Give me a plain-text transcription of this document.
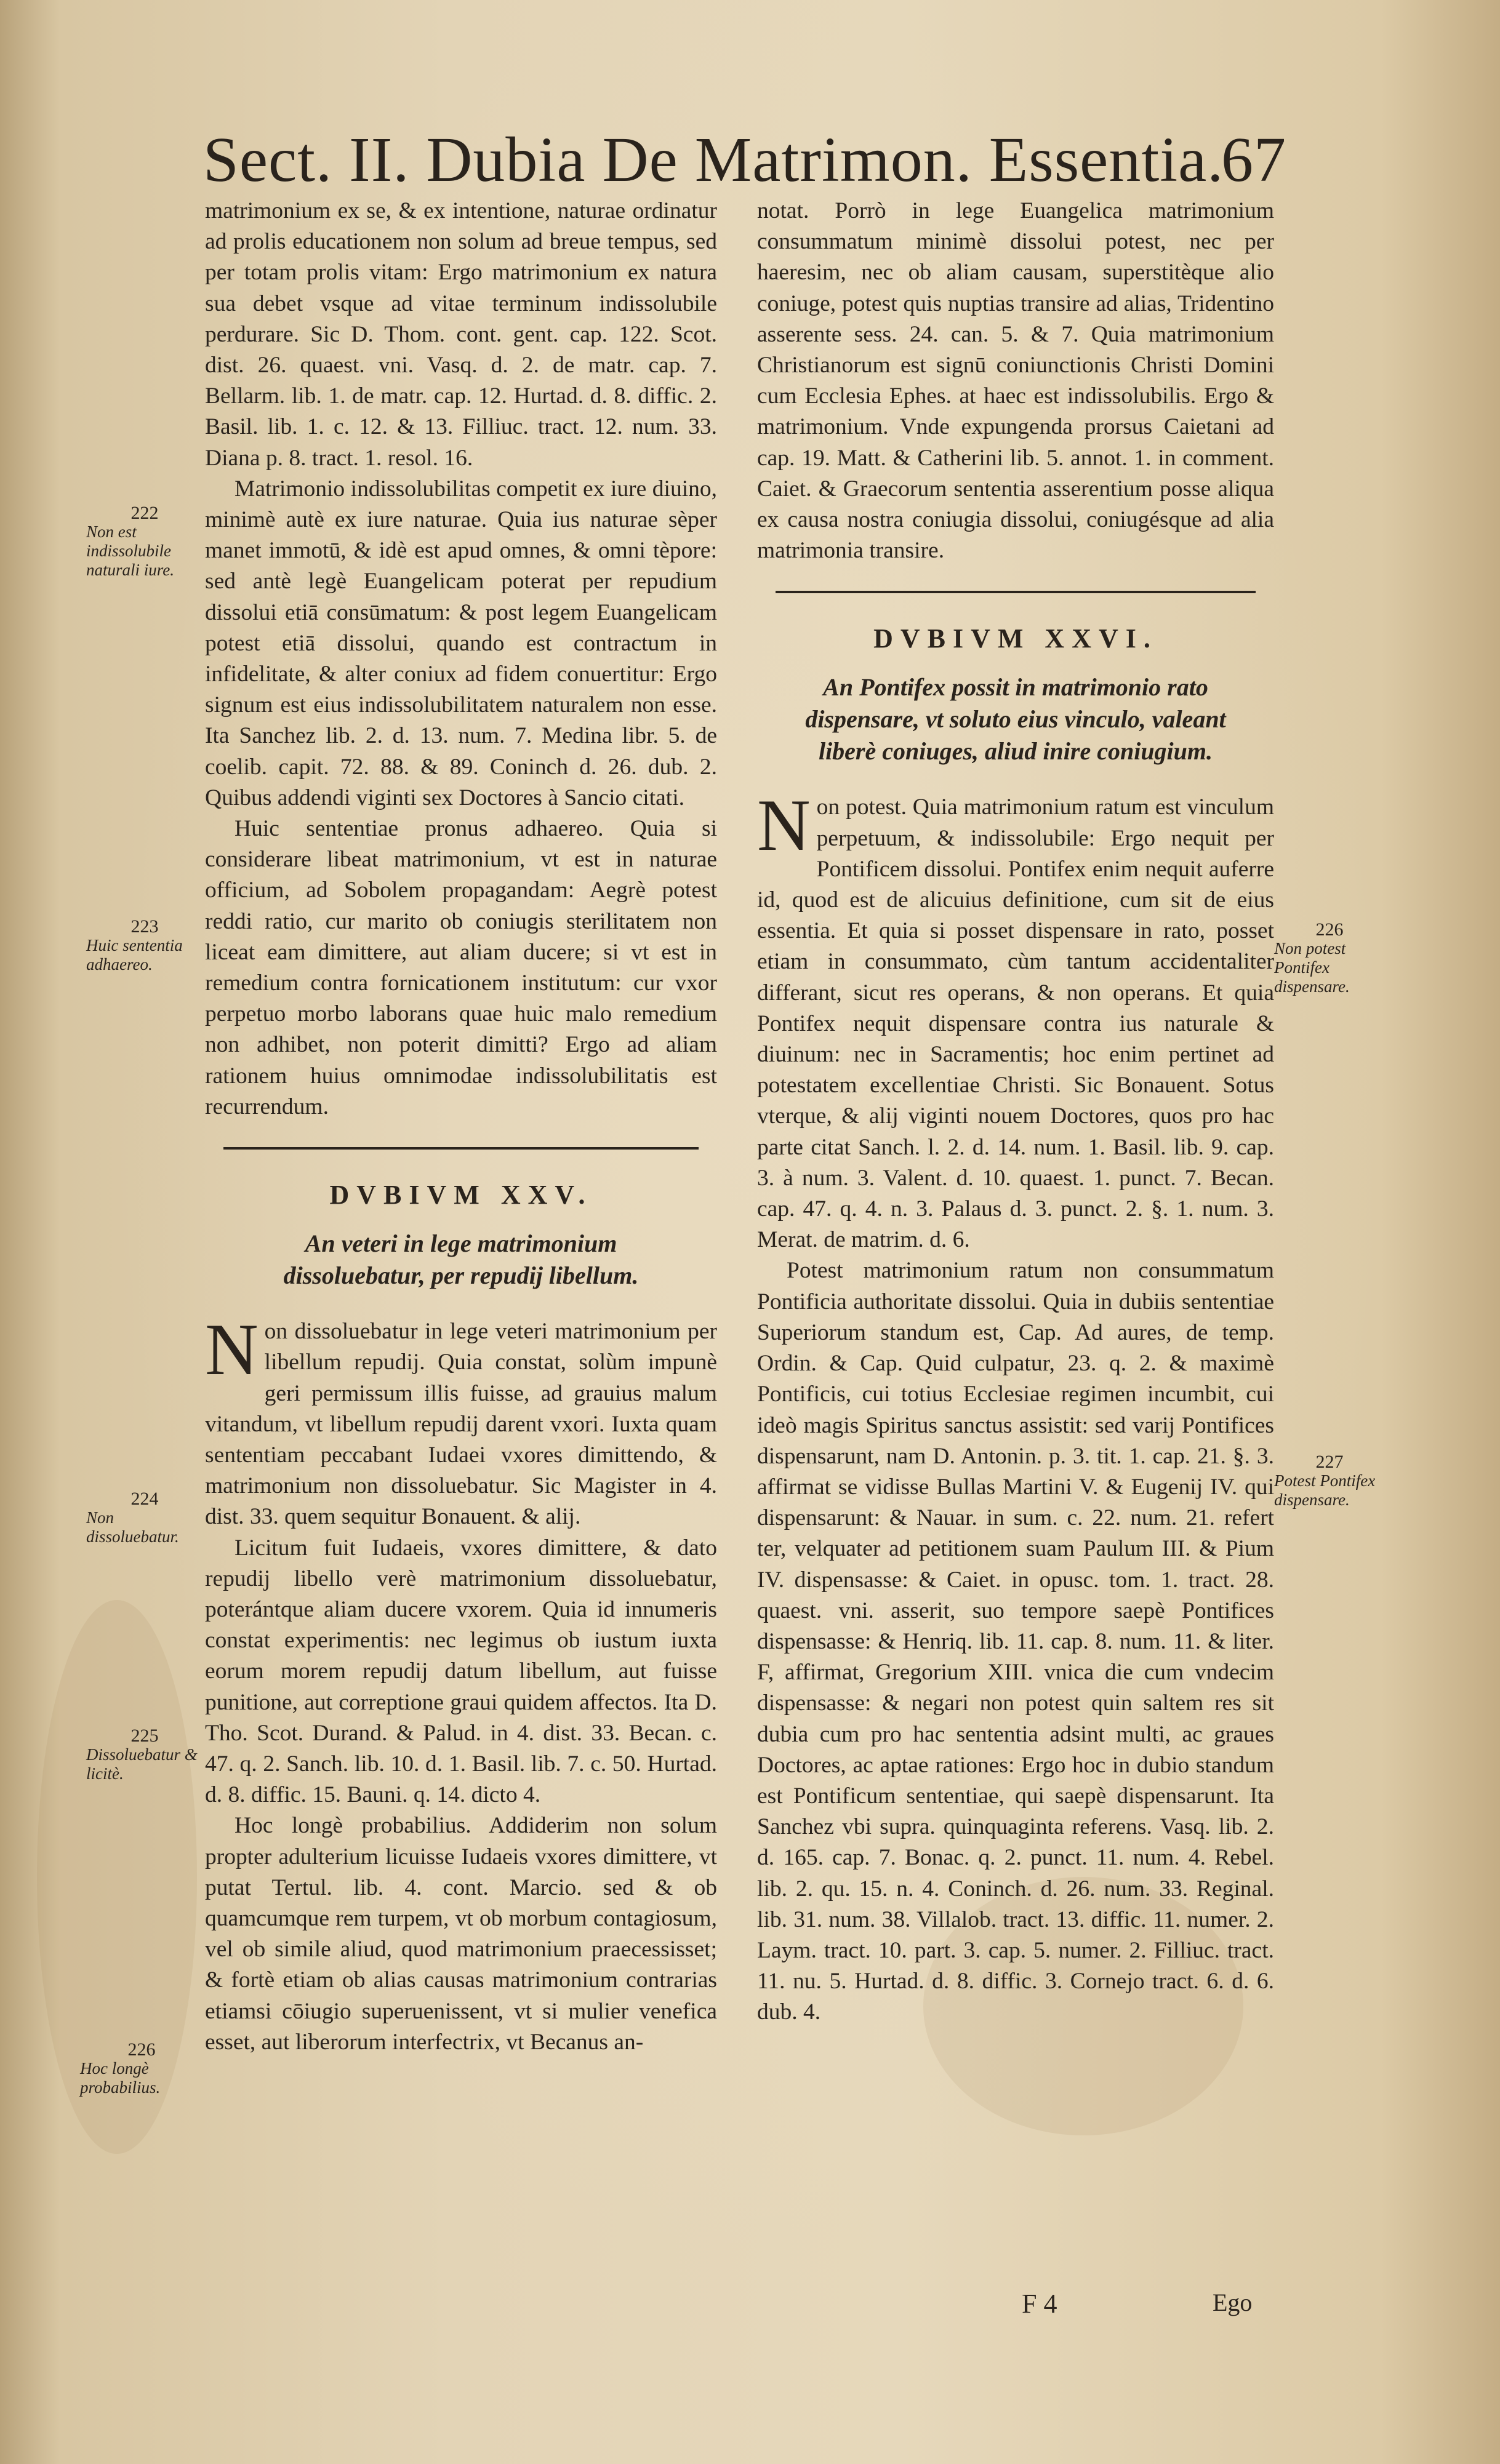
Sect. II. Dubia De Matrimon. Essentia.
67

matrimonium ex se, & ex intentione, naturae ordinatur ad prolis educationem non solum ad breue tempus, sed per totam prolis vitam: Ergo matrimonium ex natura sua debet vsque ad vitae terminum indissolubile perdurare. Sic D. Thom. cont. gent. cap. 122. Scot. dist. 26. quaest. vni. Vasq. d. 2. de matr. cap. 7. Bellarm. lib. 1. de matr. cap. 12. Hurtad. d. 8. diffic. 2. Basil. lib. 1. c. 12. & 13. Filliuc. tract. 12. num. 33. Diana p. 8. tract. 1. resol. 16.

Matrimonio indissolubilitas competit ex iure diuino, minimè autè ex iure naturae. Quia ius naturae sèper manet immotū, & idè est apud omnes, & omni tèpore: sed antè legè Euangelicam poterat per repudium dissolui etiā consūmatum: & post legem Euangelicam potest etiā dissolui, quando est contractum in infidelitate, & alter coniux ad fidem conuertitur: Ergo signum est eius indissolubilitatem naturalem non esse. Ita Sanchez lib. 2. d. 13. num. 7. Medina libr. 5. de coelib. capit. 72. 88. & 89. Coninch d. 26. dub. 2. Quibus addendi viginti sex Doctores à Sancio citati.

Huic sententiae pronus adhaereo. Quia si considerare libeat matrimonium, vt est in naturae officium, ad Sobolem propagandam: Aegrè potest reddi ratio, cur marito ob coniugis sterilitatem non liceat eam dimittere, aut aliam ducere; si vt est in remedium contra fornicationem institutum: cur vxor perpetuo morbo laborans quae huic malo remedium non adhibet, non poterit dimitti? Ergo ad aliam rationem huius omnimodae indissolubilitatis est recurrendum.

DVBIVM XXV.
An veteri in lege matrimonium dissoluebatur, per repudij libellum.

Non dissoluebatur in lege veteri matrimonium per libellum repudij. Quia constat, solùm impunè geri permissum illis fuisse, ad grauius malum vitandum, vt libellum repudij darent vxori. Iuxta quam sententiam peccabant Iudaei vxores dimittendo, & matrimonium non dissoluebatur. Sic Magister in 4. dist. 33. quem sequitur Bonauent. & alij.

Licitum fuit Iudaeis, vxores dimittere, & dato repudij libello verè matrimonium dissoluebatur, poterántque aliam ducere vxorem. Quia id innumeris constat experimentis: nec legimus ob iustum iuxta eorum morem repudij datum libellum, aut fuisse punitione, aut correptione graui quidem affectos. Ita D. Tho. Scot. Durand. & Palud. in 4. dist. 33. Becan. c. 47. q. 2. Sanch. lib. 10. d. 1. Basil. lib. 7. c. 50. Hurtad. d. 8. diffic. 15. Bauni. q. 14. dicto 4.

Hoc longè probabilius. Addiderim non solum propter adulterium licuisse Iudaeis vxores dimittere, vt putat Tertul. lib. 4. cont. Marcio. sed & ob quamcumque rem turpem, vt ob morbum contagiosum, vel ob simile aliud, quod matrimonium praecessisset; & fortè etiam ob alias causas matrimonium contrarias etiamsi cōiugio superuenissent, vt si mulier venefica esset, aut liberorum interfectrix, vt Becanus an-

notat. Porrò in lege Euangelica matrimonium consummatum minimè dissolui potest, nec per haeresim, nec ob aliam causam, superstitèque alio coniuge, potest quis nuptias transire ad alias, Tridentino asserente sess. 24. can. 5. & 7. Quia matrimonium Christianorum est signū coniunctionis Christi Domini cum Ecclesia Ephes. at haec est indissolubilis. Ergo & matrimonium. Vnde expungenda prorsus Caietani ad cap. 19. Matt. & Catherini lib. 5. annot. 1. in comment. Caiet. & Graecorum sententia asserentium posse aliqua ex causa nostra coniugia dissolui, coniugésque ad alia matrimonia transire.

DVBIVM XXVI.
An Pontifex possit in matrimonio rato dispensare, vt soluto eius vinculo, valeant liberè coniuges, aliud inire coniugium.

Non potest. Quia matrimonium ratum est vinculum perpetuum, & indissolubile: Ergo nequit per Pontificem dissolui. Pontifex enim nequit auferre id, quod est de alicuius definitione, cum sit de eius essentia. Et quia si posset dispensare in rato, posset etiam in consummato, cùm tantum accidentaliter differant, sicut res operans, & non operans. Et quia Pontifex nequit dispensare contra ius naturale & diuinum: nec in Sacramentis; hoc enim pertinet ad potestatem excellentiae Christi. Sic Bonauent. Sotus vterque, & alij viginti nouem Doctores, quos pro hac parte citat Sanch. l. 2. d. 14. num. 1. Basil. lib. 9. cap. 3. à num. 3. Valent. d. 10. quaest. 1. punct. 7. Becan. cap. 47. q. 4. n. 3. Palaus d. 3. punct. 2. §. 1. num. 3. Merat. de matrim. d. 6.

Potest matrimonium ratum non consummatum Pontificia authoritate dissolui. Quia in dubiis sententiae Superiorum standum est, Cap. Ad aures, de temp. Ordin. & Cap. Quid culpatur, 23. q. 2. & maximè Pontificis, cui totius Ecclesiae regimen incumbit, cui ideò magis Spiritus sanctus assistit: sed varij Pontifices dispensarunt, nam D. Antonin. p. 3. tit. 1. cap. 21. §. 3. affirmat se vidisse Bullas Martini V. & Eugenij IV. qui dispensarunt: & Nauar. in sum. c. 22. num. 21. refert ter, velquater ad petitionem suam Paulum III. & Pium IV. dispensasse: & Caiet. in opusc. tom. 1. tract. 28. quaest. vni. asserit, suo tempore saepè Pontifices dispensasse: & Henriq. lib. 11. cap. 8. num. 11. & liter. F, affirmat, Gregorium XIII. vnica die cum vndecim dispensasse: & negari non potest quin saltem res sit dubia cum pro hac sententia adsint multi, ac graues Doctores, ac aptae rationes: Ergo hoc in dubio standum est Pontificum sententiae, qui saepè dispensarunt. Ita Sanchez vbi supra. quinquaginta referens. Vasq. lib. 2. d. 165. cap. 7. Bonac. q. 2. punct. 11. num. 4. Rebel. lib. 2. qu. 15. n. 4. Coninch. d. 26. num. 33. Reginal. lib. 31. num. 38. Villalob. tract. 13. diffic. 11. numer. 2. Laym. tract. 10. part. 3. cap. 5. numer. 2. Filliuc. tract. 11. nu. 5. Hurtad. d. 8. diffic. 3. Cornejo tract. 6. d. 6. dub. 4.

222
Non est indissolubile naturali iure.
223
Huic sententia adhaereo.
224
Non dissoluebatur.
225
Dissoluebatur & licitè.
226
Hoc longè probabilius.
226
Non potest Pontifex dispensare.
227
Potest Pontifex dispensare.
F 4	Ego
